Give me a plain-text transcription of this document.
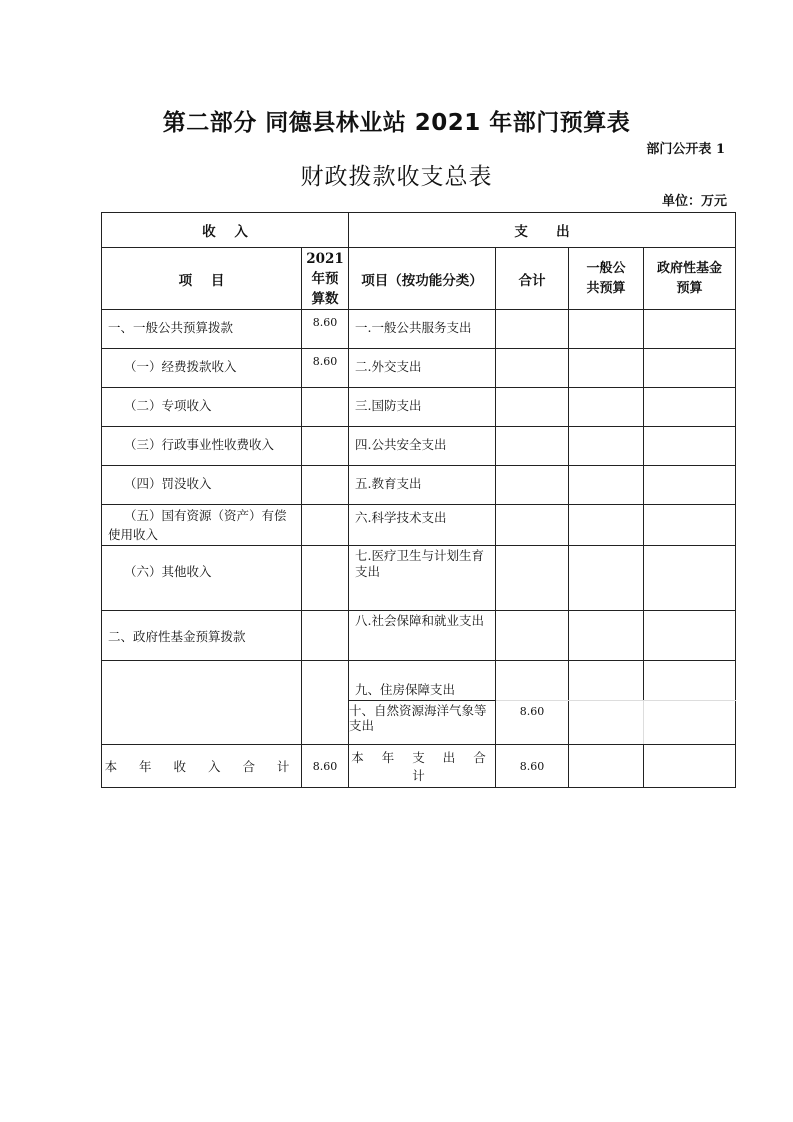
第二部分 同德县林业站 2021 年部门预算表
部门公开表 1
财政拨款收支总表
单位：万元
收    入		支      出			
项    目	2021年预算数	项目（按功能分类）	合计	一般公共预算	政府性基金预算
一、一般公共预算拨款	8.60	一.一般公共服务支出			
（一）经费拨款收入	8.60	二.外交支出			
（二）专项收入		三.国防支出			
（三）行政事业性收费收入		四.公共安全支出			
（四）罚没收入		五.教育支出			
（五）国有资源（资产）有偿使用收入		六.科学技术支出			
（六）其他收入		七.医疗卫生与计划生育支出			
二、政府性基金预算拨款		八.社会保障和就业支出			
		九、住房保障支出			
		十、自然资源海洋气象等支出	8.60		
本 年 收 入 合 计	8.60	本 年 支 出 合 计	8.60		
